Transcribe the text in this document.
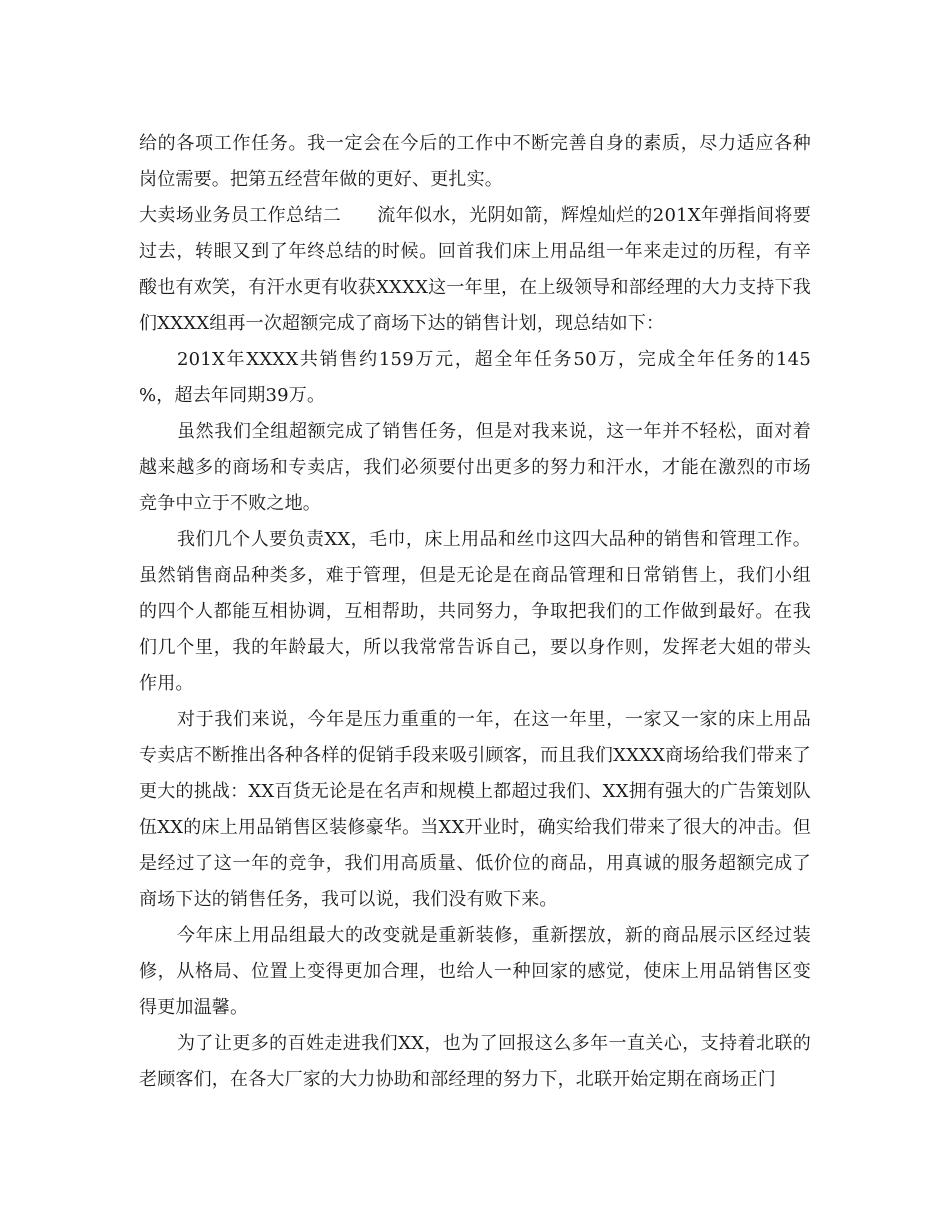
给的各项工作任务。我一定会在今后的工作中不断完善自身的素质，尽力适应各种岗位需要。把第五经营年做的更好、更扎实。

大卖场业务员工作总结二 流年似水，光阴如箭，辉煌灿烂的201X年弹指间将要过去，转眼又到了年终总结的时候。回首我们床上用品组一年来走过的历程，有辛酸也有欢笑，有汗水更有收获XXXX这一年里，在上级领导和部经理的大力支持下我们XXXX组再一次超额完成了商场下达的销售计划，现总结如下：

201X年XXXX共销售约159万元，超全年任务50万，完成全年任务的145 %，超去年同期39万。

虽然我们全组超额完成了销售任务，但是对我来说，这一年并不轻松，面对着越来越多的商场和专卖店，我们必须要付出更多的努力和汗水，才能在激烈的市场竞争中立于不败之地。

我们几个人要负责XX，毛巾，床上用品和丝巾这四大品种的销售和管理工作。虽然销售商品种类多，难于管理，但是无论是在商品管理和日常销售上，我们小组的四个人都能互相协调，互相帮助，共同努力，争取把我们的工作做到最好。在我们几个里，我的年龄最大，所以我常常告诉自己，要以身作则，发挥老大姐的带头作用。

对于我们来说，今年是压力重重的一年，在这一年里，一家又一家的床上用品专卖店不断推出各种各样的促销手段来吸引顾客，而且我们XXXX商场给我们带来了更大的挑战：XX百货无论是在名声和规模上都超过我们、XX拥有强大的广告策划队伍XX的床上用品销售区装修豪华。当XX开业时，确实给我们带来了很大的冲击。但是经过了这一年的竞争，我们用高质量、低价位的商品，用真诚的服务超额完成了商场下达的销售任务，我可以说，我们没有败下来。

今年床上用品组最大的改变就是重新装修，重新摆放，新的商品展示区经过装修，从格局、位置上变得更加合理，也给人一种回家的感觉，使床上用品销售区变得更加温馨。

为了让更多的百姓走进我们XX，也为了回报这么多年一直关心，支持着北联的老顾客们，在各大厂家的大力协助和部经理的努力下，北联开始定期在商场正门
